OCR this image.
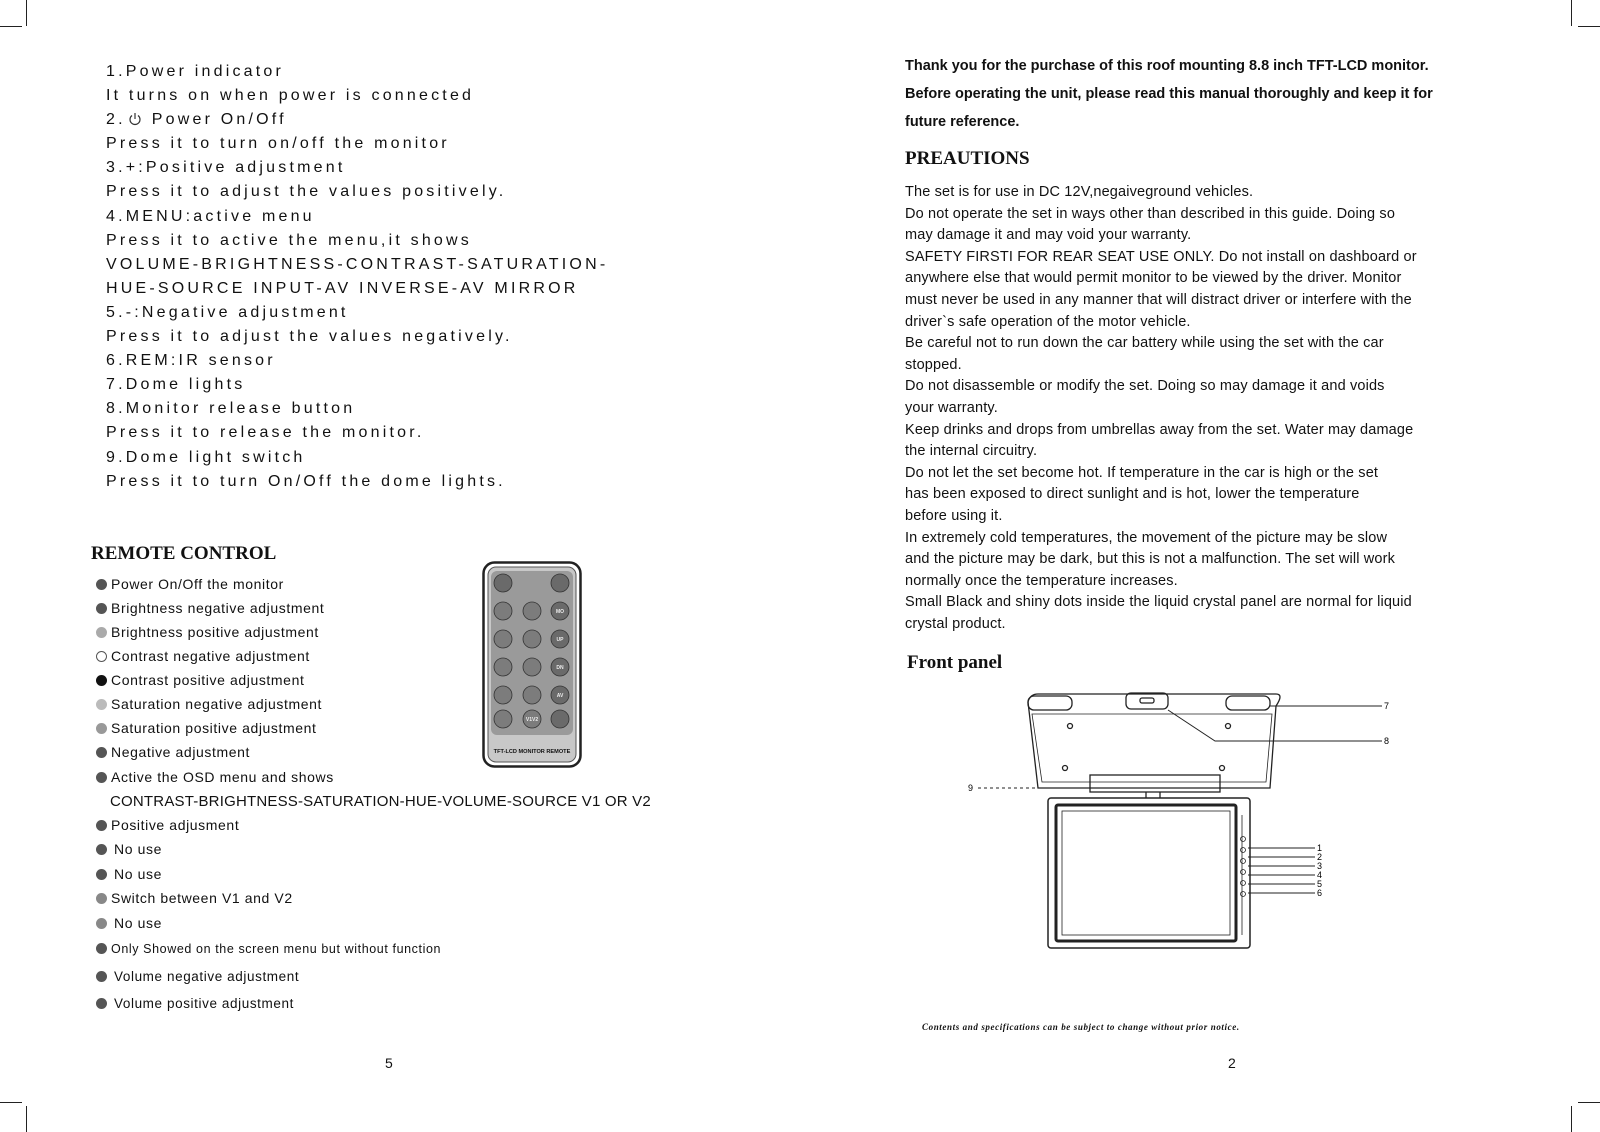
1.Power indicator
It turns on when power is connected
2. Power On/Off
Press it to turn on/off the monitor
3.+:Positive adjustment
Press it to adjust the values positively.
4.MENU:active menu
Press it to active the menu,it shows
VOLUME-BRIGHTNESS-CONTRAST-SATURATION-
HUE-SOURCE INPUT-AV INVERSE-AV MIRROR
5.-:Negative adjustment
Press it to adjust the values negatively.
6.REM:IR sensor
7.Dome lights
8.Monitor release button
Press it to release the monitor.
9.Dome light switch
Press it to turn On/Off the dome lights.
REMOTE CONTROL
Power On/Off the monitor
Brightness negative adjustment
Brightness positive adjustment
Contrast negative adjustment
Contrast positive adjustment
Saturation negative adjustment
Saturation positive adjustment
Negative adjustment
Active the OSD menu and shows
CONTRAST-BRIGHTNESS-SATURATION-HUE-VOLUME-SOURCE V1 OR V2
Positive adjusment
No use
No use
Switch between V1 and V2
No use
Only Showed on the screen menu but without function
Volume negative adjustment
Volume positive adjustment
MO
UP
DN
AV
V1V2
TFT-LCD MONITOR REMOTE
5
Thank you for the purchase of this roof mounting 8.8 inch TFT-LCD monitor.
Before operating the unit, please read this manual thoroughly and keep it for
future reference.
PREAUTIONS
The set is for use in DC 12V,negaiveground vehicles.
Do not operate the set in ways other than described in this guide. Doing so
may damage it and may void your warranty.
SAFETY FIRSTI FOR REAR SEAT USE ONLY. Do not install on dashboard or
anywhere else that would permit monitor to be viewed by the driver. Monitor
must never be used in any manner that will distract driver or interfere with the
driver`s safe operation of the motor vehicle.
Be careful not to run down the car battery while using the set with the car
stopped.
Do not disassemble or modify the set. Doing so may damage it and voids
your warranty.
Keep drinks and drops from umbrellas away from the set. Water may damage
the internal circuitry.
Do not let the set become hot. If temperature in the car is high or the set
has been exposed to direct sunlight and is hot, lower the temperature
before using it.
In extremely cold temperatures, the movement of the picture may be slow
and the picture may be dark, but this is not a malfunction. The set will work
normally once the temperature increases.
Small Black and shiny dots inside the liquid crystal panel are normal for liquid
crystal product.
Front panel
7
8
9
1
2
3
4
5
6
Contents and specifications can be subject to change without prior notice.
2
